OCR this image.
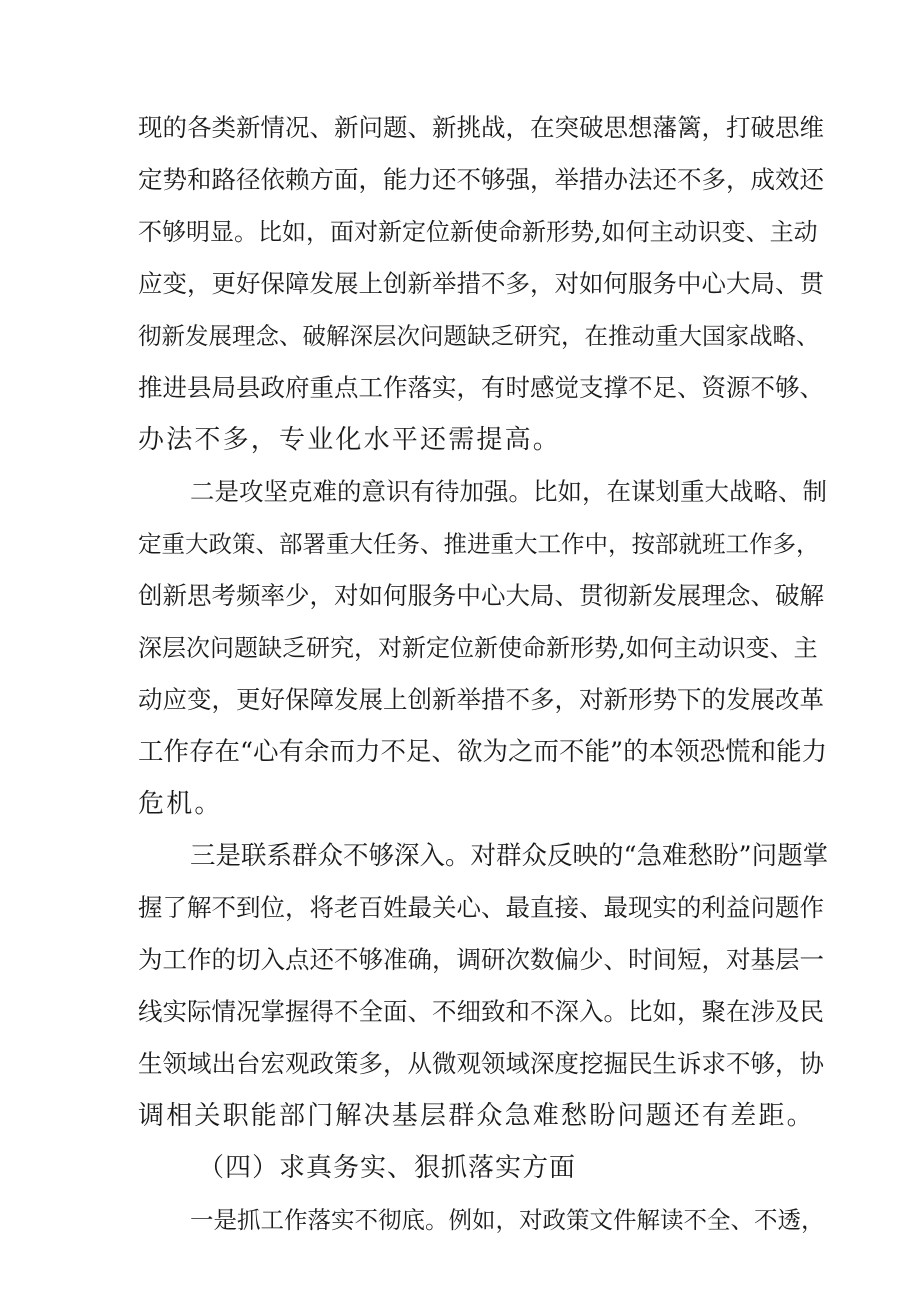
现的各类新情况、新问题、新挑战，在突破思想藩篱，打破思维
定势和路径依赖方面，能力还不够强，举措办法还不多，成效还
不够明显。比如，面对新定位新使命新形势,如何主动识变、主动
应变，更好保障发展上创新举措不多，对如何服务中心大局、贯
彻新发展理念、破解深层次问题缺乏研究，在推动重大国家战略、
推进县局县政府重点工作落实，有时感觉支撑不足、资源不够、
办法不多，专业化水平还需提高。
二是攻坚克难的意识有待加强。比如，在谋划重大战略、制
定重大政策、部署重大任务、推进重大工作中，按部就班工作多，
创新思考频率少，对如何服务中心大局、贯彻新发展理念、破解
深层次问题缺乏研究，对新定位新使命新形势,如何主动识变、主
动应变，更好保障发展上创新举措不多，对新形势下的发展改革
工作存在“心有余而力不足、欲为之而不能”的本领恐慌和能力
危机。
三是联系群众不够深入。对群众反映的“急难愁盼”问题掌
握了解不到位，将老百姓最关心、最直接、最现实的利益问题作
为工作的切入点还不够准确，调研次数偏少、时间短，对基层一
线实际情况掌握得不全面、不细致和不深入。比如，聚在涉及民
生领域出台宏观政策多，从微观领域深度挖掘民生诉求不够，协
调相关职能部门解决基层群众急难愁盼问题还有差距。
（四）求真务实、狠抓落实方面
一是抓工作落实不彻底。例如，对政策文件解读不全、不透，
